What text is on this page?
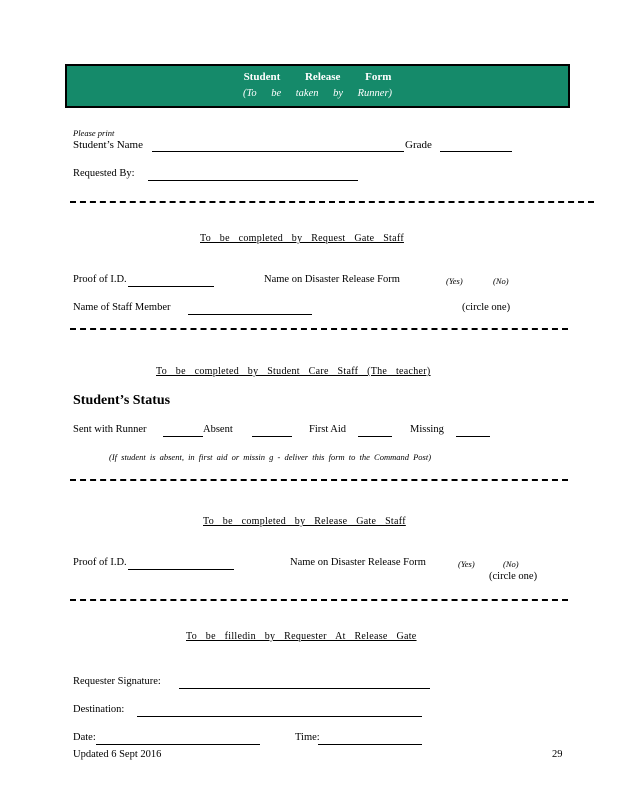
Student Release Form
(To be taken by Runner)
Please print
Student’s Name	Grade
Requested By:
To be completed by Request Gate Staff
Proof of I.D.	Name on Disaster Release Form	(Yes)	(No)
Name of Staff Member	(circle one)
To be completed by Student Care Staff (The teacher)
Student’s Status
Sent with Runner	Absent	First Aid	Missing
(If student is absent, in first aid or missin g - deliver this form to the Command Post)
To be completed by Release Gate Staff
Proof of I.D.	Name on Disaster Release Form	(Yes)	(No)
(circle one)
To be filledin by Requester At Release Gate
Requester Signature:
Destination:
Date:	Time:
Updated 6 Sept 2016	29
